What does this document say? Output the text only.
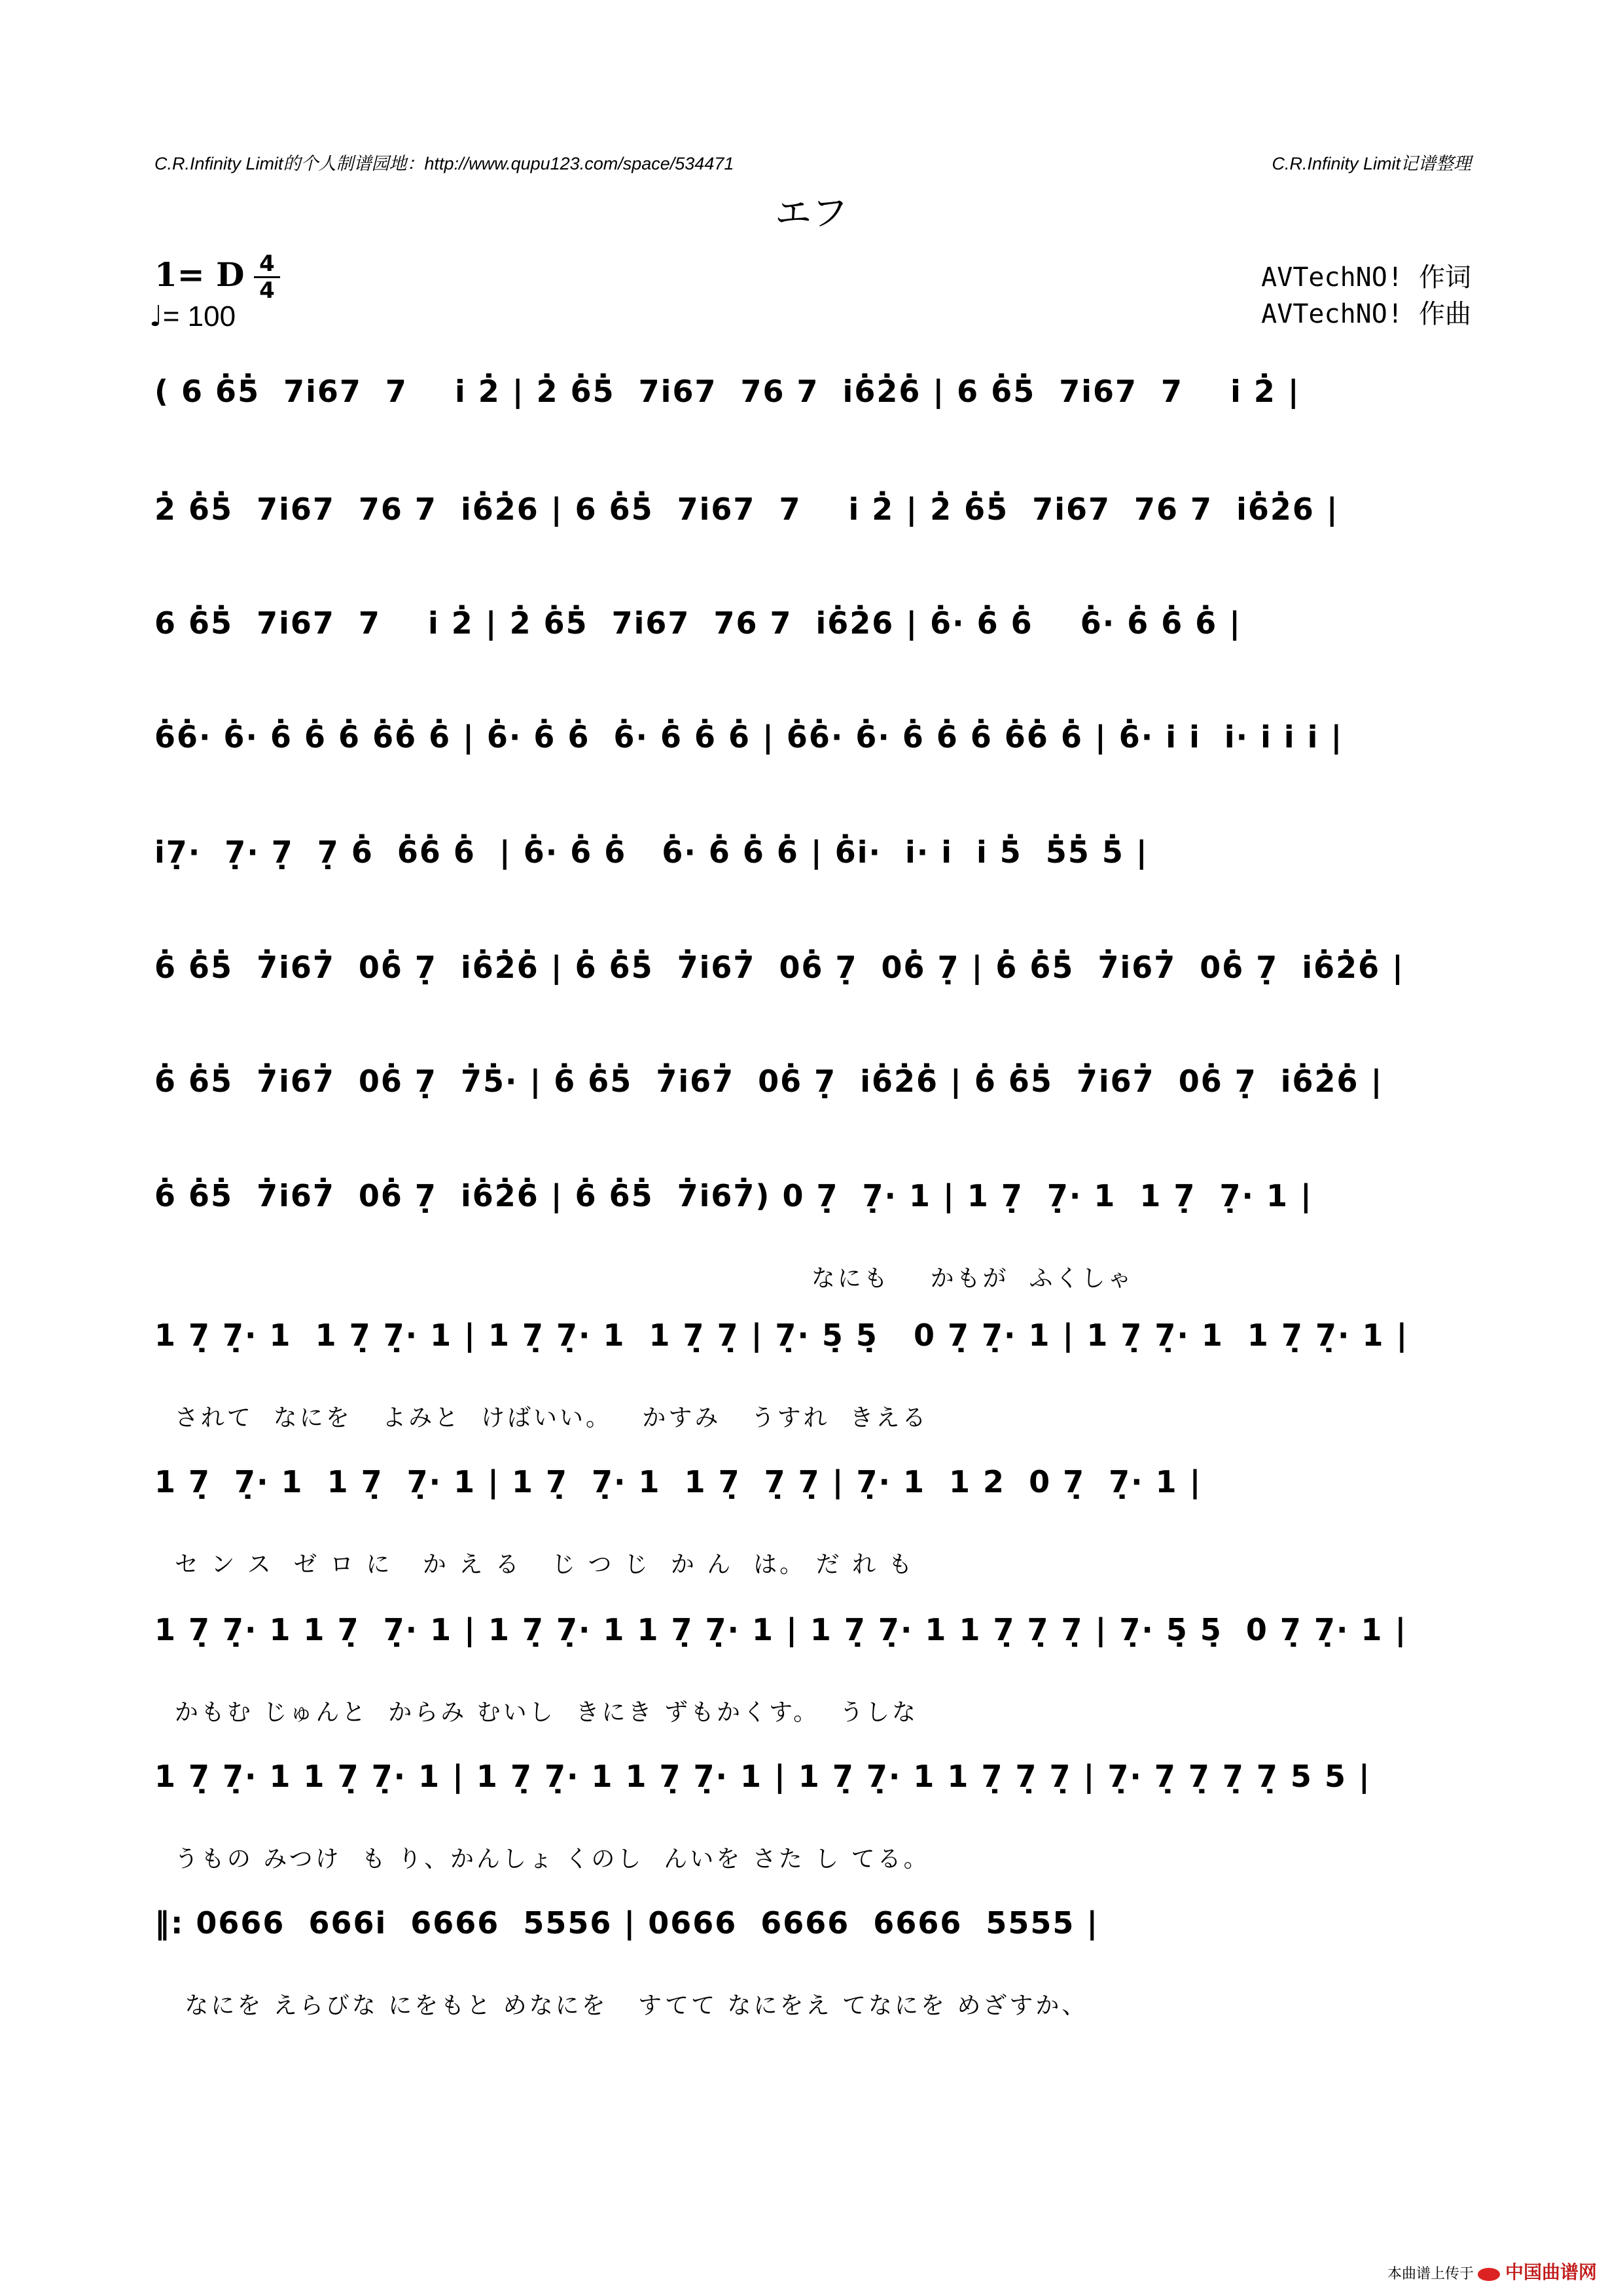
C.R.Infinity Limit的个人制谱园地：http://www.qupu123.com/space/534471	C.R.Infinity Limit记谱整理
エフ
1= D 4
4
♩= 100
AVTechNO! 作词
AVTechNO! 作曲
( 6 6̇5̇  7i̇67  7    i̇ 2̇ | 2̇ 6̇5̇  7i̇67  76 7  i̇6̇2̇6̇ | 6 6̇5̇  7i̇67  7    i̇ 2̇ |
2̇ 6̇5̇  7i̇67  76 7  i̇6̇2̇6 | 6 6̇5̇  7i̇67  7    i̇ 2̇ | 2̇ 6̇5̇  7i̇67  76 7  i̇6̇2̇6 |
6 6̇5̇  7i̇67  7    i̇ 2̇ | 2̇ 6̇5̇  7i̇67  76 7  i̇6̇2̇6 | 6̇· 6̇ 6̇    6̇· 6̇ 6̇ 6̇ |
6̇6̇· 6̇· 6̇ 6̇ 6̇ 6̇6̇ 6̇ | 6̇· 6̇ 6̇  6̇· 6̇ 6̇ 6̇ | 6̇6̇· 6̇· 6̇ 6̇ 6̇ 6̇6̇ 6̇ | 6̇· i̇ i̇  i̇· i̇ i̇ i̇ |
i̇7̣·  7̣· 7̣  7̣ 6̇  6̇6̇ 6̇  | 6̇· 6̇ 6̇   6̇· 6̇ 6̇ 6̇ | 6̇i̇·  i̇· i̇  i̇ 5̇  5̇5̇ 5̇ |
6̇ 6̇5̇  7̇i̇67̇  06̇ 7̣  i̇6̇2̇6̇ | 6̇ 6̇5̇  7̇i̇67̇  06̇ 7̣  06̇ 7̣ | 6̇ 6̇5̇  7̇i̇67̇  06̇ 7̣  i̇6̇2̇6̇ |
6̇ 6̇5̇  7̇i̇67̇  06̇ 7̣  7̇5̇· | 6̇ 6̇5̇  7̇i̇67̇  06̇ 7̣  i̇6̇2̇6̇ | 6̇ 6̇5̇  7̇i̇67̇  06̇ 7̣  i̇6̇2̇6̇ |
6̇ 6̇5̇  7̇i̇67̇  06̇ 7̣  i̇6̇2̇6̇ | 6̇ 6̇5̇  7̇i̇67̇) 0 7̣  7̣· 1 | 1 7̣  7̣· 1  1 7̣  7̣· 1 |
なにも    かもが  ふくしゃ
1 7̣ 7̣· 1  1 7̣ 7̣· 1 | 1 7̣ 7̣· 1  1 7̣ 7̣ | 7̣· 5̣ 5̣   0 7̣ 7̣· 1 | 1 7̣ 7̣· 1  1 7̣ 7̣· 1 |
されて  なにを   よみと  けばいい。   かすみ   うすれ  きえる
1 7̣  7̣· 1  1 7̣  7̣· 1 | 1 7̣  7̣· 1  1 7̣  7̣ 7̣ | 7̣· 1  1 2  0 7̣  7̣· 1 |
セ ン ス  ゼ ロ に   か え る   じ つ じ  か ん  は。 だ れ も
1 7̣ 7̣· 1 1 7̣  7̣· 1 | 1 7̣ 7̣· 1 1 7̣ 7̣· 1 | 1 7̣ 7̣· 1 1 7̣ 7̣ 7̣ | 7̣· 5̣ 5̣  0 7̣ 7̣· 1 |
かもむ じゅんと  からみ むいし  きにき ずもかくす。  うしな
1 7̣ 7̣· 1 1 7̣ 7̣· 1 | 1 7̣ 7̣· 1 1 7̣ 7̣· 1 | 1 7̣ 7̣· 1 1 7̣ 7̣ 7̣ | 7̣· 7̣ 7̣ 7̣ 7̣ 5 5 |
うもの みつけ  も り、かんしょ くのし  んいを さた し てる。
‖: 0666  666i̇  6666  5556 | 0666  6666  6666  5555 |
なにを えらびな にをもと めなにを   すてて なにをえ てなにを めざすか、
本曲谱上传于 中国曲谱网
